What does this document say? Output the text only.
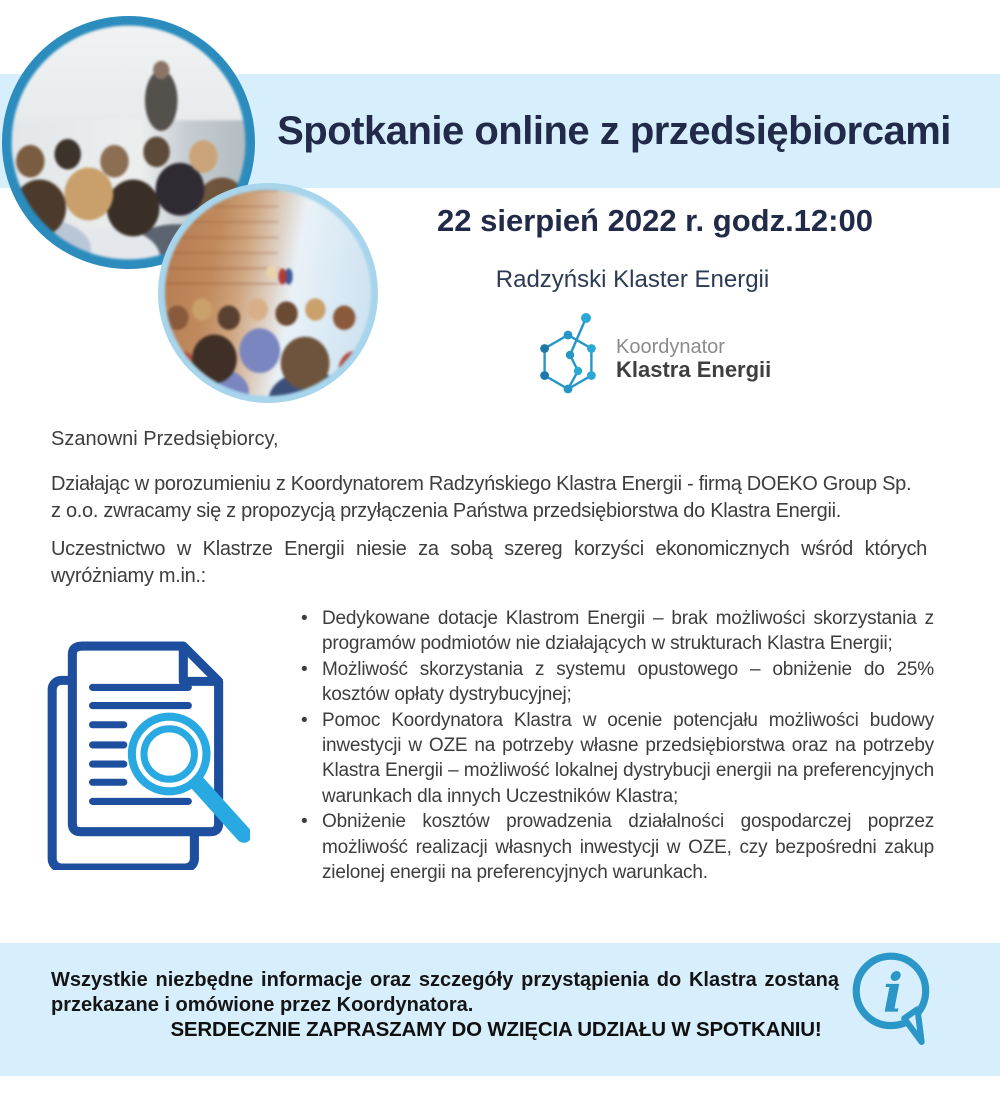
Spotkanie online z przedsiębiorcami
22 sierpień 2022 r. godz.12:00
Radzyński Klaster Energii
Koordynator
Klastra Energii

Szanowni Przedsiębiorcy,

Działając w porozumieniu z Koordynatorem Radzyńskiego Klastra Energii - firmą DOEKO Group Sp. z o.o. zwracamy się z propozycją przyłączenia Państwa przedsiębiorstwa do Klastra Energii.

Uczestnictwo w Klastrze Energii niesie za sobą szereg korzyści ekonomicznych wśród których wyróżniamy m.in.:

• Dedykowane dotacje Klastrom Energii – brak możliwości skorzystania z programów podmiotów nie działających w strukturach Klastra Energii;
• Możliwość skorzystania z systemu opustowego – obniżenie do 25% kosztów opłaty dystrybucyjnej;
• Pomoc Koordynatora Klastra w ocenie potencjału możliwości budowy inwestycji w OZE na potrzeby własne przedsiębiorstwa oraz na potrzeby Klastra Energii – możliwość lokalnej dystrybucji energii na preferencyjnych warunkach dla innych Uczestników Klastra;
• Obniżenie kosztów prowadzenia działalności gospodarczej poprzez możliwość realizacji własnych inwestycji w OZE, czy bezpośredni zakup zielonej energii na preferencyjnych warunkach.

Wszystkie niezbędne informacje oraz szczegóły przystąpienia do Klastra zostaną przekazane i omówione przez Koordynatora.

SERDECZNIE ZAPRASZAMY DO WZIĘCIA UDZIAŁU W SPOTKANIU!

i
